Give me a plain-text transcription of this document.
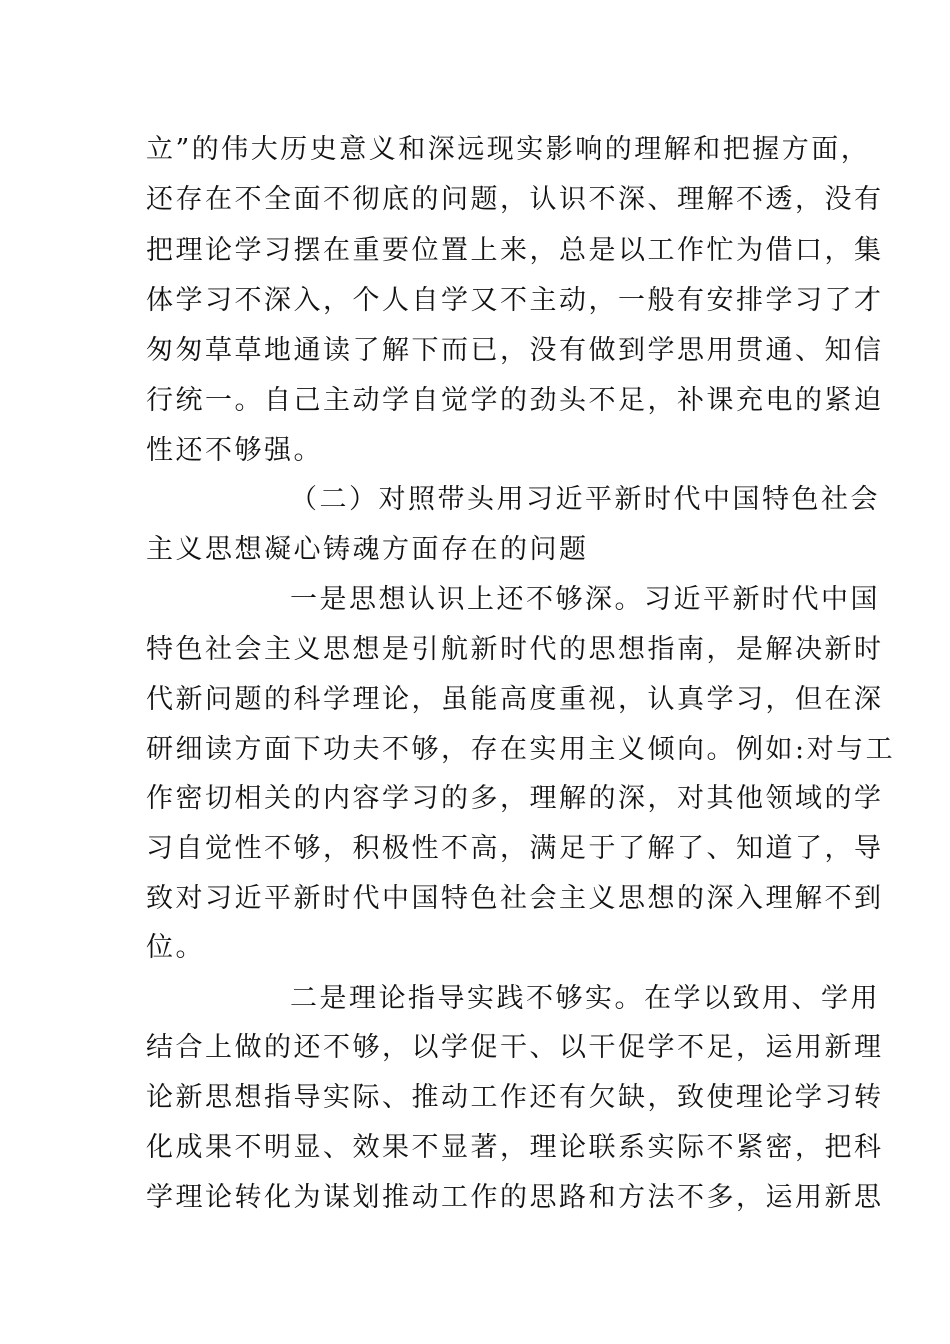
立”的伟大历史意义和深远现实影响的理解和把握方面，
还存在不全面不彻底的问题，认识不深、理解不透，没有
把理论学习摆在重要位置上来，总是以工作忙为借口，集
体学习不深入，个人自学又不主动，一般有安排学习了才
匆匆草草地通读了解下而已，没有做到学思用贯通、知信
行统一。自己主动学自觉学的劲头不足，补课充电的紧迫
性还不够强。
（二）对照带头用习近平新时代中国特色社会
主义思想凝心铸魂方面存在的问题
一是思想认识上还不够深。习近平新时代中国
特色社会主义思想是引航新时代的思想指南，是解决新时
代新问题的科学理论，虽能高度重视，认真学习，但在深
研细读方面下功夫不够，存在实用主义倾向。例如:对与工
作密切相关的内容学习的多，理解的深，对其他领域的学
习自觉性不够，积极性不高，满足于了解了、知道了，导
致对习近平新时代中国特色社会主义思想的深入理解不到
位。
二是理论指导实践不够实。在学以致用、学用
结合上做的还不够，以学促干、以干促学不足，运用新理
论新思想指导实际、推动工作还有欠缺，致使理论学习转
化成果不明显、效果不显著，理论联系实际不紧密，把科
学理论转化为谋划推动工作的思路和方法不多，运用新思
